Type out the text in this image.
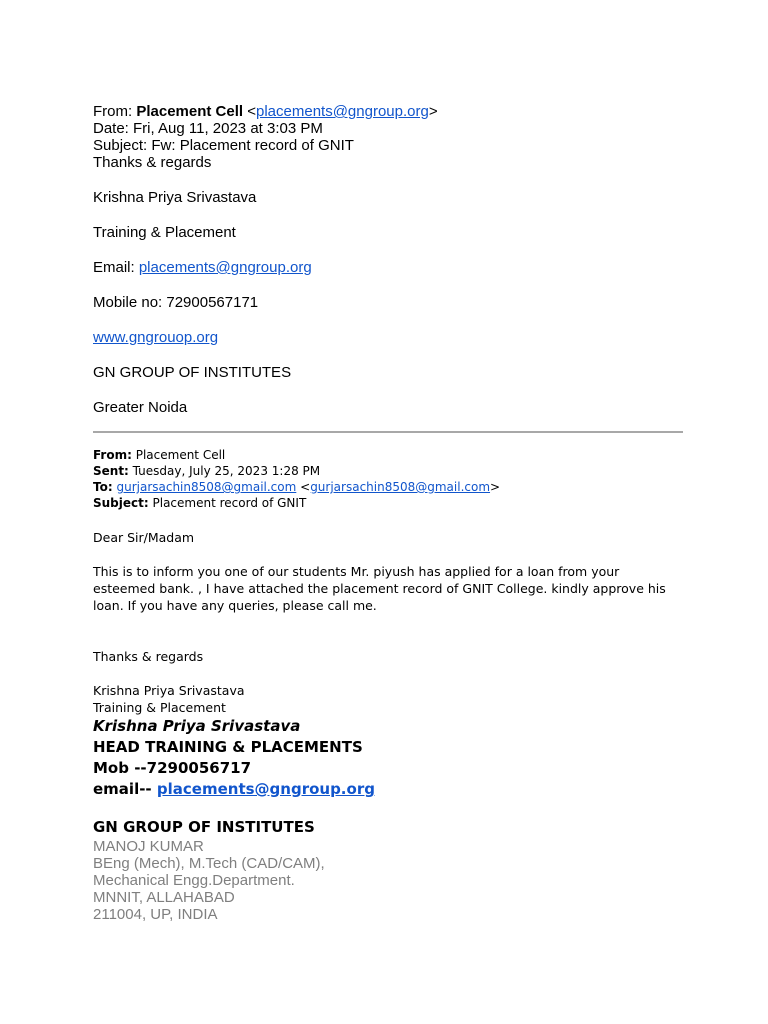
From: Placement Cell <placements@gngroup.org>
Date: Fri, Aug 11, 2023 at 3:03 PM
Subject: Fw: Placement record of GNIT
Thanks & regards
Krishna Priya Srivastava
Training & Placement
Email: placements@gngroup.org
Mobile no: 72900567171
www.gngrouop.org
GN GROUP OF INSTITUTES
Greater Noida
From: Placement Cell
Sent: Tuesday, July 25, 2023 1:28 PM
To: gurjarsachin8508@gmail.com <gurjarsachin8508@gmail.com>
Subject: Placement record of GNIT
Dear Sir/Madam
This is to inform you one of our students Mr. piyush has applied for a loan from your esteemed bank. , I have attached the placement record of GNIT College. kindly approve his loan. If you have any queries, please call me.
Thanks & regards
Krishna Priya Srivastava
Training & Placement
Krishna Priya Srivastava
HEAD TRAINING & PLACEMENTS
Mob --7290056717
email-- placements@gngroup.org
GN GROUP OF INSTITUTES
MANOJ KUMAR
BEng (Mech), M.Tech (CAD/CAM),
Mechanical Engg.Department.
MNNIT, ALLAHABAD
211004, UP, INDIA
